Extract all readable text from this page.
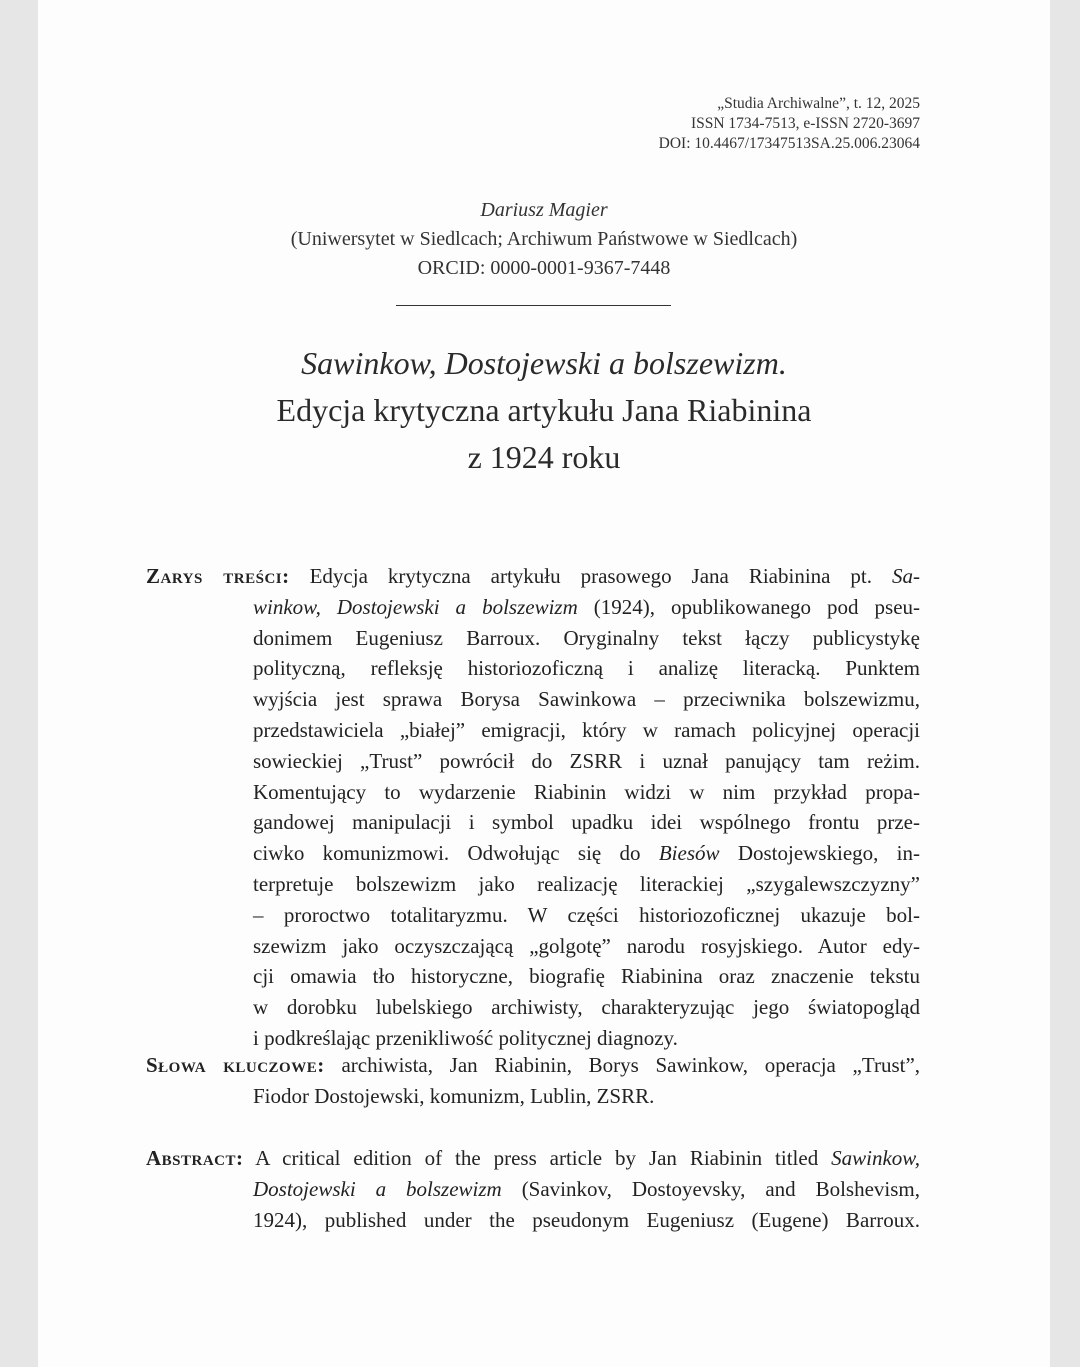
„Studia Archiwalne”, t. 12, 2025
ISSN 1734-7513, e-ISSN 2720-3697
DOI: 10.4467/17347513SA.25.006.23064
Dariusz Magier
(Uniwersytet w Siedlcach; Archiwum Państwowe w Siedlcach)
ORCID: 0000-0001-9367-7448
Sawinkow, Dostojewski a bolszewizm.
Edycja krytyczna artykułu Jana Riabinina
z 1924 roku
Zarys treści: Edycja krytyczna artykułu prasowego Jana Riabinina pt. Sa-
winkow, Dostojewski a bolszewizm (1924), opublikowanego pod pseu-
donimem Eugeniusz Barroux. Oryginalny tekst łączy publicystykę
polityczną, refleksję historiozoficzną i analizę literacką. Punktem
wyjścia jest sprawa Borysa Sawinkowa – przeciwnika bolszewizmu,
przedstawiciela „białej” emigracji, który w ramach policyjnej operacji
sowieckiej „Trust” powrócił do ZSRR i uznał panujący tam reżim.
Komentujący to wydarzenie Riabinin widzi w nim przykład propa-
gandowej manipulacji i symbol upadku idei wspólnego frontu prze-
ciwko komunizmowi. Odwołując się do Biesów Dostojewskiego, in-
terpretuje bolszewizm jako realizację literackiej „szygalewszczyzny”
– proroctwo totalitaryzmu. W części historiozoficznej ukazuje bol-
szewizm jako oczyszczającą „golgotę” narodu rosyjskiego. Autor edy-
cji omawia tło historyczne, biografię Riabinina oraz znaczenie tekstu
w dorobku lubelskiego archiwisty, charakteryzując jego światopogląd
i podkreślając przenikliwość politycznej diagnozy.
Słowa kluczowe: archiwista, Jan Riabinin, Borys Sawinkow, operacja „Trust”,
Fiodor Dostojewski, komunizm, Lublin, ZSRR.
Abstract: A critical edition of the press article by Jan Riabinin titled Sawinkow,
Dostojewski a bolszewizm (Savinkov, Dostoyevsky, and Bolshevism,
1924), published under the pseudonym Eugeniusz (Eugene) Barroux.
